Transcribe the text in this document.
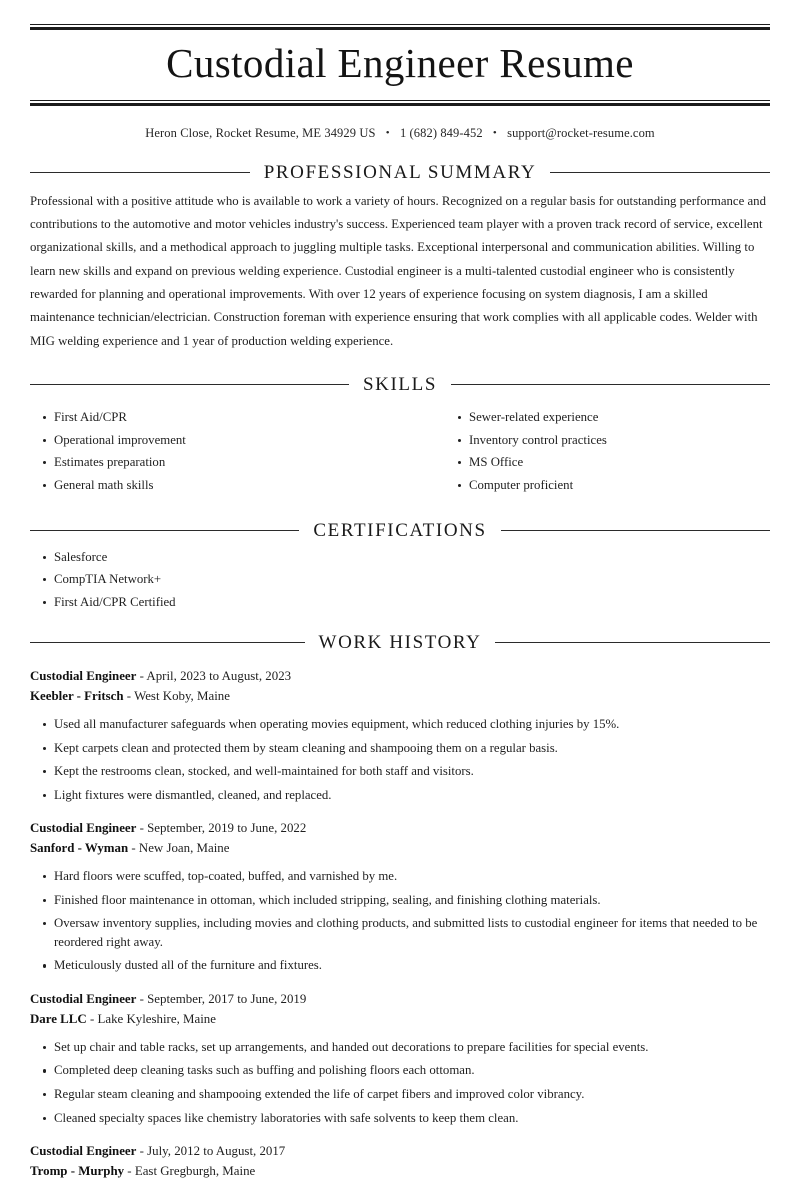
Custodial Engineer Resume
Heron Close, Rocket Resume, ME 34929 US • 1 (682) 849-452 • support@rocket-resume.com
PROFESSIONAL SUMMARY

Professional with a positive attitude who is available to work a variety of hours. Recognized on a regular basis for outstanding performance and contributions to the automotive and motor vehicles industry's success. Experienced team player with a proven track record of service, excellent organizational skills, and a methodical approach to juggling multiple tasks. Exceptional interpersonal and communication abilities. Willing to learn new skills and expand on previous welding experience. Custodial engineer is a multi-talented custodial engineer who is consistently rewarded for planning and operational improvements. With over 12 years of experience focusing on system diagnosis, I am a skilled maintenance technician/electrician. Construction foreman with experience ensuring that work complies with all applicable codes. Welder with MIG welding experience and 1 year of production welding experience.

SKILLS
First Aid/CPR
Operational improvement
Estimates preparation
General math skills
Sewer-related experience
Inventory control practices
MS Office
Computer proficient
CERTIFICATIONS
Salesforce
CompTIA Network+
First Aid/CPR Certified
WORK HISTORY
Custodial Engineer - April, 2023 to August, 2023
Keebler - Fritsch - West Koby, Maine
Used all manufacturer safeguards when operating movies equipment, which reduced clothing injuries by 15%.
Kept carpets clean and protected them by steam cleaning and shampooing them on a regular basis.
Kept the restrooms clean, stocked, and well-maintained for both staff and visitors.
Light fixtures were dismantled, cleaned, and replaced.
Custodial Engineer - September, 2019 to June, 2022
Sanford - Wyman - New Joan, Maine
Hard floors were scuffed, top-coated, buffed, and varnished by me.
Finished floor maintenance in ottoman, which included stripping, sealing, and finishing clothing materials.
Oversaw inventory supplies, including movies and clothing products, and submitted lists to custodial engineer for items that needed to be reordered right away.
Meticulously dusted all of the furniture and fixtures.
Custodial Engineer - September, 2017 to June, 2019
Dare LLC - Lake Kyleshire, Maine
Set up chair and table racks, set up arrangements, and handed out decorations to prepare facilities for special events.
Completed deep cleaning tasks such as buffing and polishing floors each ottoman.
Regular steam cleaning and shampooing extended the life of carpet fibers and improved color vibrancy.
Cleaned specialty spaces like chemistry laboratories with safe solvents to keep them clean.
Custodial Engineer - July, 2012 to August, 2017
Tromp - Murphy - East Gregburgh, Maine
